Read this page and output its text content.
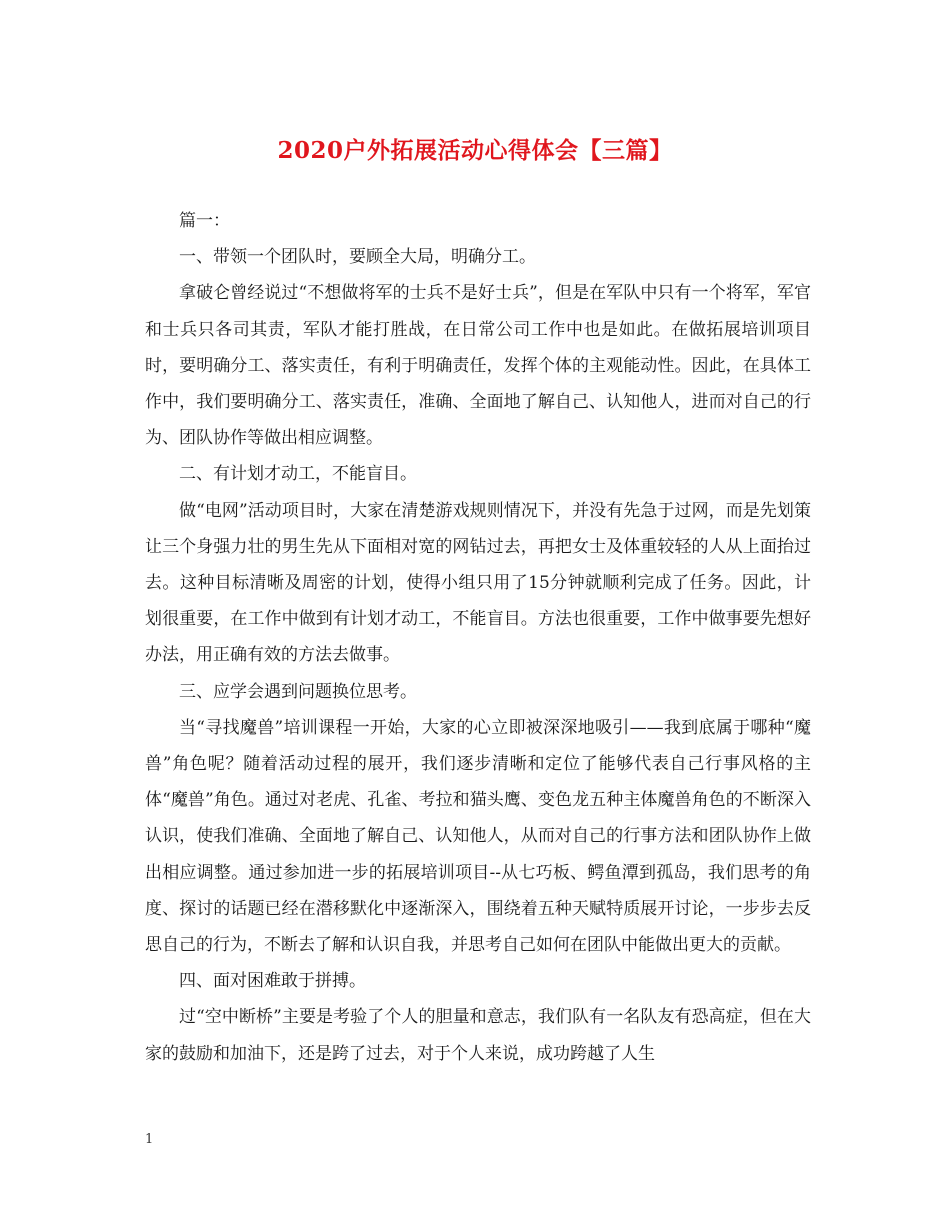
2020户外拓展活动心得体会【三篇】

篇一：

一、带领一个团队时，要顾全大局，明确分工。

拿破仑曾经说过“不想做将军的士兵不是好士兵”，但是在军队中只有一个将军，军官和士兵只各司其责，军队才能打胜战，在日常公司工作中也是如此。在做拓展培训项目时，要明确分工、落实责任，有利于明确责任，发挥个体的主观能动性。因此，在具体工作中，我们要明确分工、落实责任，准确、全面地了解自己、认知他人，进而对自己的行为、团队协作等做出相应调整。

二、有计划才动工，不能盲目。

做“电网”活动项目时，大家在清楚游戏规则情况下，并没有先急于过网，而是先划策让三个身强力壮的男生先从下面相对宽的网钻过去，再把女士及体重较轻的人从上面抬过去。这种目标清晰及周密的计划，使得小组只用了15分钟就顺利完成了任务。因此，计划很重要，在工作中做到有计划才动工，不能盲目。方法也很重要，工作中做事要先想好办法，用正确有效的方法去做事。

三、应学会遇到问题换位思考。

当“寻找魔兽”培训课程一开始，大家的心立即被深深地吸引——我到底属于哪种“魔兽”角色呢？随着活动过程的展开，我们逐步清晰和定位了能够代表自己行事风格的主体“魔兽”角色。通过对老虎、孔雀、考拉和猫头鹰、变色龙五种主体魔兽角色的不断深入认识，使我们准确、全面地了解自己、认知他人，从而对自己的行事方法和团队协作上做出相应调整。通过参加进一步的拓展培训项目--从七巧板、鳄鱼潭到孤岛，我们思考的角度、探讨的话题已经在潜移默化中逐渐深入，围绕着五种天赋特质展开讨论，一步步去反思自己的行为，不断去了解和认识自我，并思考自己如何在团队中能做出更大的贡献。

四、面对困难敢于拼搏。

过“空中断桥”主要是考验了个人的胆量和意志，我们队有一名队友有恐高症，但在大家的鼓励和加油下，还是跨了过去，对于个人来说，成功跨越了人生

1
